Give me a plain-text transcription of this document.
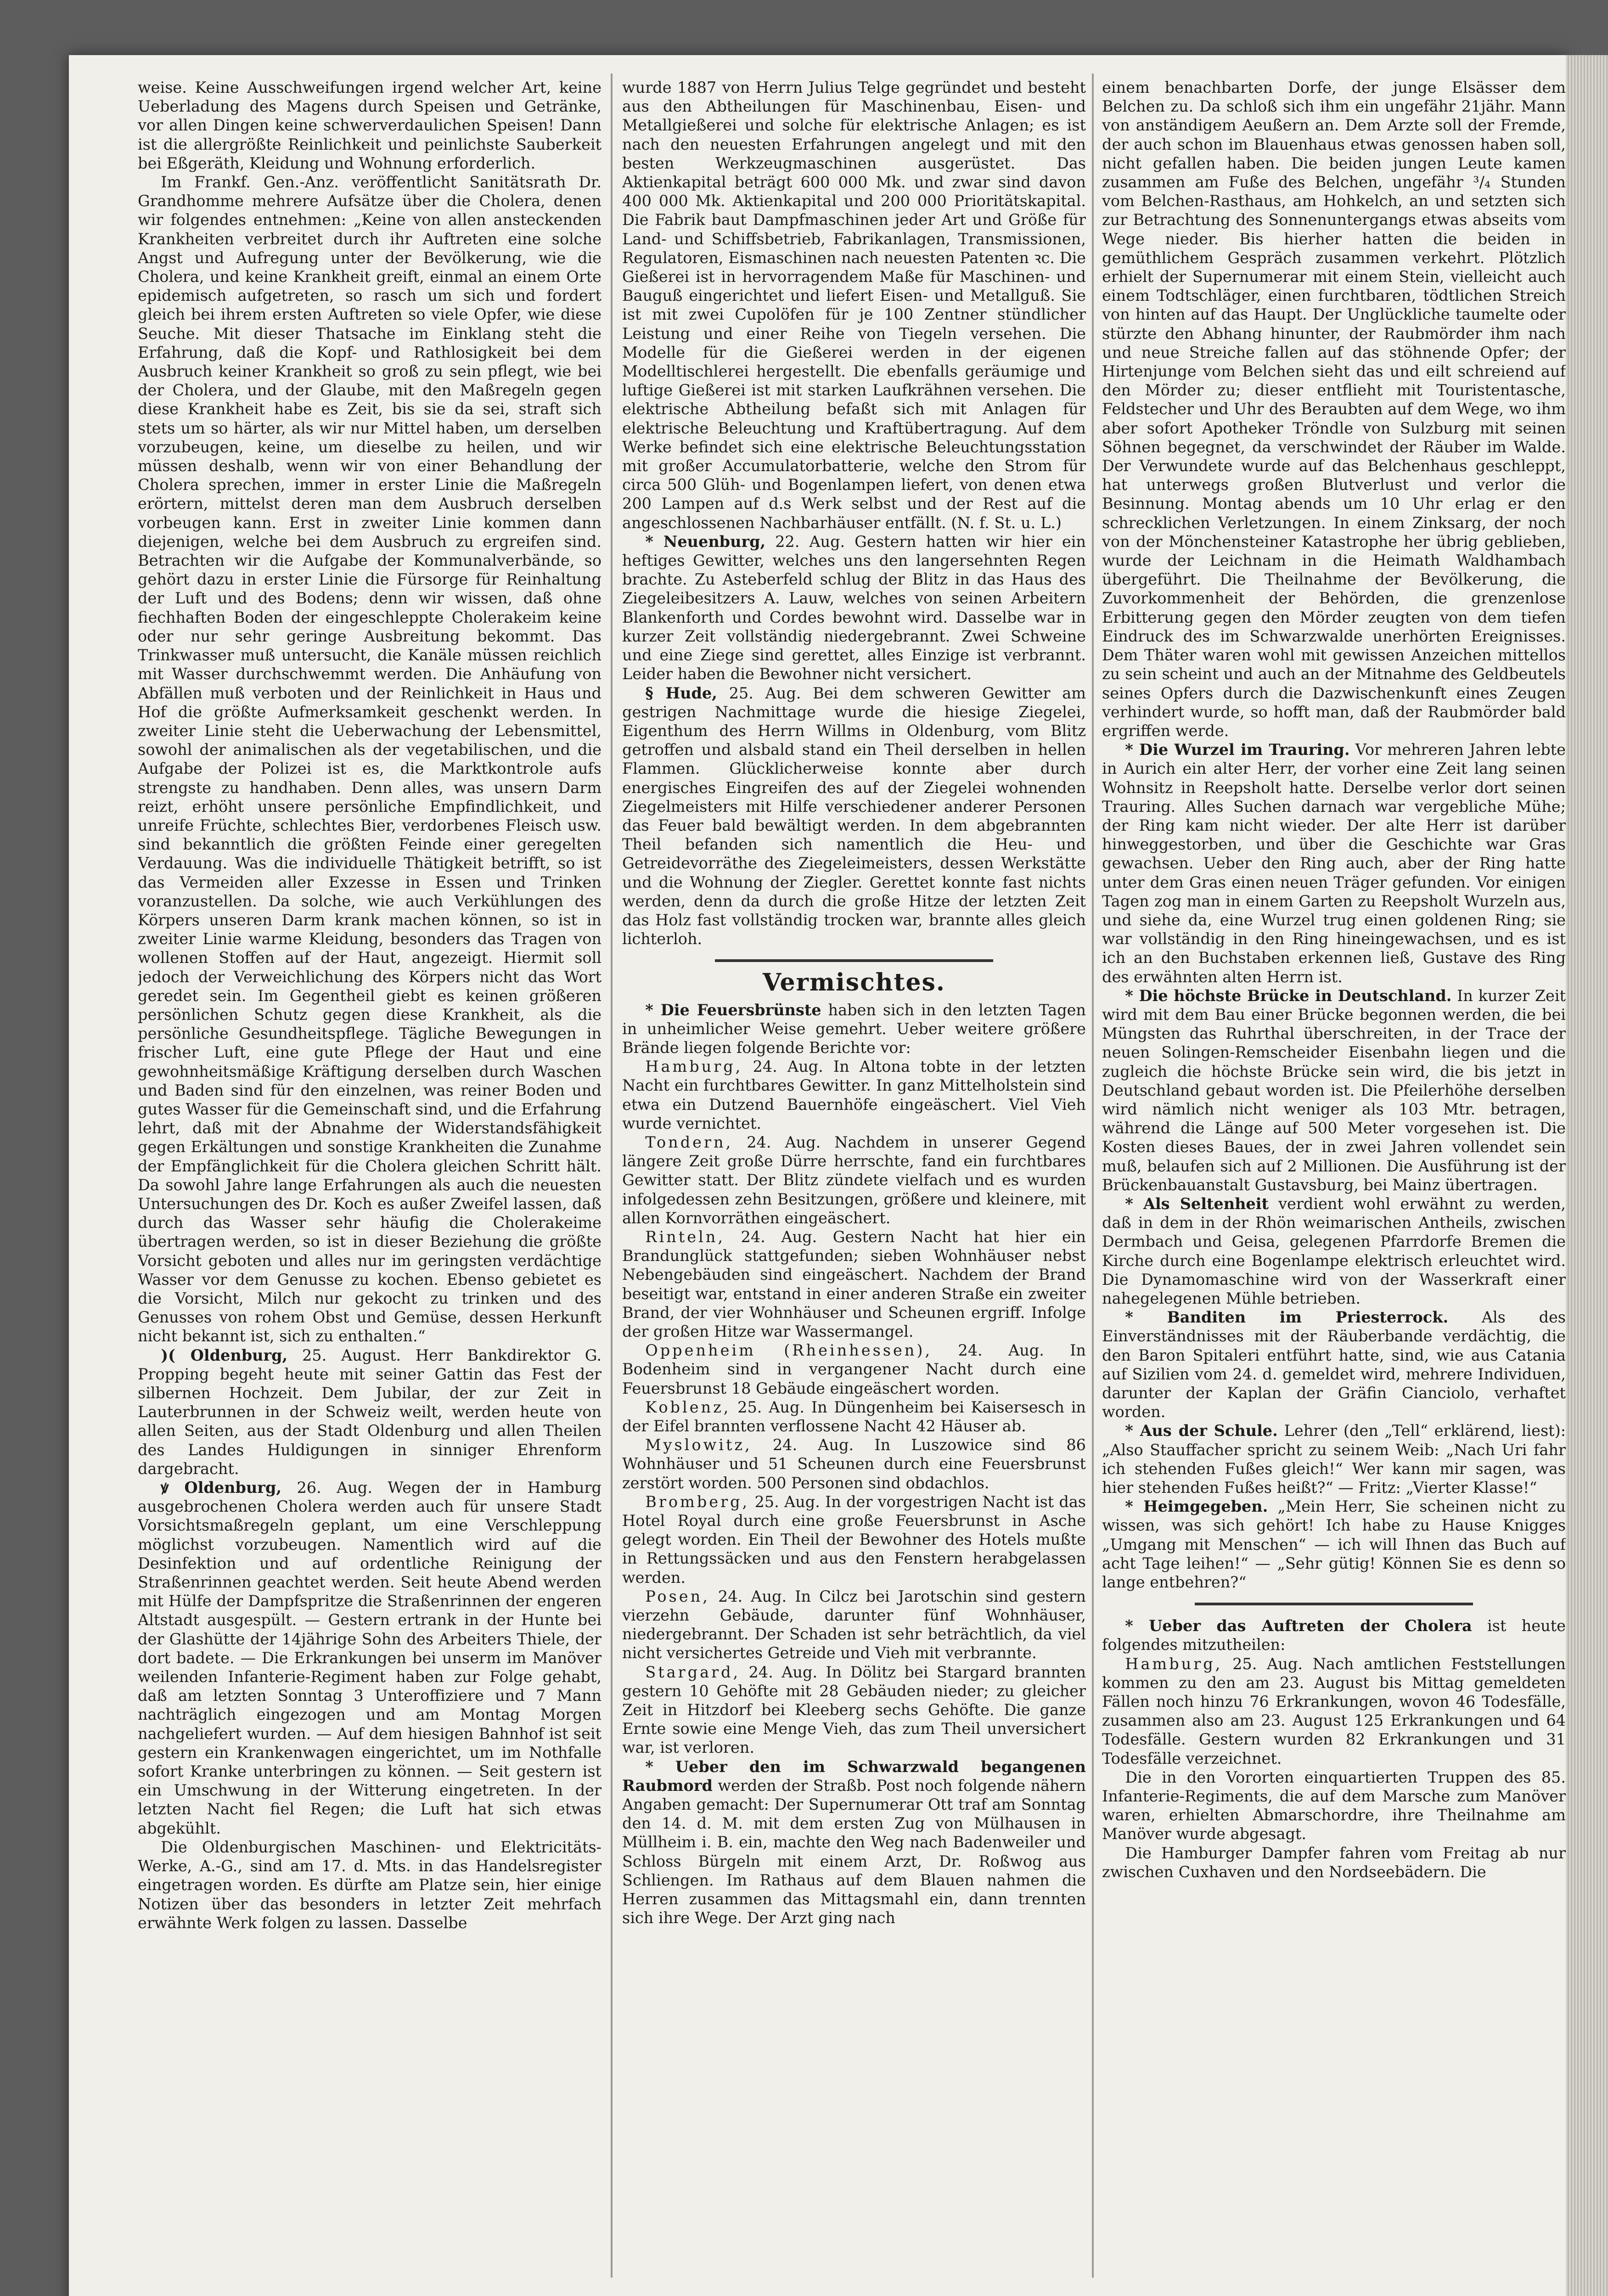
weise. Keine Ausschweifungen irgend welcher Art, keine Ueberladung des Magens durch Speisen und Getränke, vor allen Dingen keine schwerverdaulichen Speisen! Dann ist die allergrößte Reinlichkeit und peinlichste Sauberkeit bei Eßgeräth, Kleidung und Wohnung erforderlich.

Im Frankf. Gen.-Anz. veröffentlicht Sanitätsrath Dr. Grandhomme mehrere Aufsätze über die Cholera, denen wir folgendes entnehmen: „Keine von allen ansteckenden Krankheiten verbreitet durch ihr Auftreten eine solche Angst und Aufregung unter der Bevölkerung, wie die Cholera, und keine Krankheit greift, einmal an einem Orte epidemisch aufgetreten, so rasch um sich und fordert gleich bei ihrem ersten Auftreten so viele Opfer, wie diese Seuche. Mit dieser Thatsache im Einklang steht die Erfahrung, daß die Kopf- und Rathlosigkeit bei dem Ausbruch keiner Krankheit so groß zu sein pflegt, wie bei der Cholera, und der Glaube, mit den Maßregeln gegen diese Krankheit habe es Zeit, bis sie da sei, straft sich stets um so härter, als wir nur Mittel haben, um derselben vorzubeugen, keine, um dieselbe zu heilen, und wir müssen deshalb, wenn wir von einer Behandlung der Cholera sprechen, immer in erster Linie die Maßregeln erörtern, mittelst deren man dem Ausbruch derselben vorbeugen kann. Erst in zweiter Linie kommen dann diejenigen, welche bei dem Ausbruch zu ergreifen sind. Betrachten wir die Aufgabe der Kommunalverbände, so gehört dazu in erster Linie die Fürsorge für Reinhaltung der Luft und des Bodens; denn wir wissen, daß ohne fiechhaften Boden der eingeschleppte Cholerakeim keine oder nur sehr geringe Ausbreitung bekommt. Das Trinkwasser muß untersucht, die Kanäle müssen reichlich mit Wasser durchschwemmt werden. Die Anhäufung von Abfällen muß verboten und der Reinlichkeit in Haus und Hof die größte Aufmerksamkeit geschenkt werden. In zweiter Linie steht die Ueberwachung der Lebensmittel, sowohl der animalischen als der vegetabilischen, und die Aufgabe der Polizei ist es, die Marktkontrole aufs strengste zu handhaben. Denn alles, was unsern Darm reizt, erhöht unsere persönliche Empfindlichkeit, und unreife Früchte, schlechtes Bier, verdorbenes Fleisch usw. sind bekanntlich die größten Feinde einer geregelten Verdauung. Was die individuelle Thätigkeit betrifft, so ist das Vermeiden aller Exzesse in Essen und Trinken voranzustellen. Da solche, wie auch Verkühlungen des Körpers unseren Darm krank machen können, so ist in zweiter Linie warme Kleidung, besonders das Tragen von wollenen Stoffen auf der Haut, angezeigt. Hiermit soll jedoch der Verweichlichung des Körpers nicht das Wort geredet sein. Im Gegentheil giebt es keinen größeren persönlichen Schutz gegen diese Krankheit, als die persönliche Gesundheitspflege. Tägliche Bewegungen in frischer Luft, eine gute Pflege der Haut und eine gewohnheitsmäßige Kräftigung derselben durch Waschen und Baden sind für den einzelnen, was reiner Boden und gutes Wasser für die Gemeinschaft sind, und die Erfahrung lehrt, daß mit der Abnahme der Widerstandsfähigkeit gegen Erkältungen und sonstige Krankheiten die Zunahme der Empfänglichkeit für die Cholera gleichen Schritt hält. Da sowohl Jahre lange Erfahrungen als auch die neuesten Untersuchungen des Dr. Koch es außer Zweifel lassen, daß durch das Wasser sehr häufig die Cholerakeime übertragen werden, so ist in dieser Beziehung die größte Vorsicht geboten und alles nur im geringsten verdächtige Wasser vor dem Genusse zu kochen. Ebenso gebietet es die Vorsicht, Milch nur gekocht zu trinken und des Genusses von rohem Obst und Gemüse, dessen Herkunft nicht bekannt ist, sich zu enthalten.“

)( Oldenburg, 25. August. Herr Bankdirektor G. Propping begeht heute mit seiner Gattin das Fest der silbernen Hochzeit. Dem Jubilar, der zur Zeit in Lauterbrunnen in der Schweiz weilt, werden heute von allen Seiten, aus der Stadt Oldenburg und allen Theilen des Landes Huldigungen in sinniger Ehrenform dargebracht.

ꝟ Oldenburg, 26. Aug. Wegen der in Hamburg ausgebrochenen Cholera werden auch für unsere Stadt Vorsichtsmaßregeln geplant, um eine Verschleppung möglichst vorzubeugen. Namentlich wird auf die Desinfektion und auf ordentliche Reinigung der Straßenrinnen geachtet werden. Seit heute Abend werden mit Hülfe der Dampfspritze die Straßenrinnen der engeren Altstadt ausgespült. — Gestern ertrank in der Hunte bei der Glashütte der 14jährige Sohn des Arbeiters Thiele, der dort badete. — Die Erkrankungen bei unserm im Manöver weilenden Infanterie-Regiment haben zur Folge gehabt, daß am letzten Sonntag 3 Unteroffiziere und 7 Mann nachträglich eingezogen und am Montag Morgen nachgeliefert wurden. — Auf dem hiesigen Bahnhof ist seit gestern ein Krankenwagen eingerichtet, um im Nothfalle sofort Kranke unterbringen zu können. — Seit gestern ist ein Umschwung in der Witterung eingetreten. In der letzten Nacht fiel Regen; die Luft hat sich etwas abgekühlt.

Die Oldenburgischen Maschinen- und Elektricitäts-Werke, A.-G., sind am 17. d. Mts. in das Handelsregister eingetragen worden. Es dürfte am Platze sein, hier einige Notizen über das besonders in letzter Zeit mehrfach erwähnte Werk folgen zu lassen. Dasselbe

wurde 1887 von Herrn Julius Telge gegründet und besteht aus den Abtheilungen für Maschinenbau, Eisen- und Metallgießerei und solche für elektrische Anlagen; es ist nach den neuesten Erfahrungen angelegt und mit den besten Werkzeugmaschinen ausgerüstet. Das Aktienkapital beträgt 600 000 Mk. und zwar sind davon 400 000 Mk. Aktienkapital und 200 000 Prioritätskapital. Die Fabrik baut Dampfmaschinen jeder Art und Größe für Land- und Schiffsbetrieb, Fabrikanlagen, Transmissionen, Regulatoren, Eismaschinen nach neuesten Patenten ꝛc. Die Gießerei ist in hervorragendem Maße für Maschinen- und Bauguß eingerichtet und liefert Eisen- und Metallguß. Sie ist mit zwei Cupolöfen für je 100 Zentner stündlicher Leistung und einer Reihe von Tiegeln versehen. Die Modelle für die Gießerei werden in der eigenen Modelltischlerei hergestellt. Die ebenfalls geräumige und luftige Gießerei ist mit starken Laufkrähnen versehen. Die elektrische Abtheilung befaßt sich mit Anlagen für elektrische Beleuchtung und Kraftübertragung. Auf dem Werke befindet sich eine elektrische Beleuchtungsstation mit großer Accumulatorbatterie, welche den Strom für circa 500 Glüh- und Bogenlampen liefert, von denen etwa 200 Lampen auf d.s Werk selbst und der Rest auf die angeschlossenen Nachbarhäuser entfällt. (N. f. St. u. L.)

* Neuenburg, 22. Aug. Gestern hatten wir hier ein heftiges Gewitter, welches uns den langersehnten Regen brachte. Zu Asteberfeld schlug der Blitz in das Haus des Ziegeleibesitzers A. Lauw, welches von seinen Arbeitern Blankenforth und Cordes bewohnt wird. Dasselbe war in kurzer Zeit vollständig niedergebrannt. Zwei Schweine und eine Ziege sind gerettet, alles Einzige ist verbrannt. Leider haben die Bewohner nicht versichert.

§ Hude, 25. Aug. Bei dem schweren Gewitter am gestrigen Nachmittage wurde die hiesige Ziegelei, Eigenthum des Herrn Willms in Oldenburg, vom Blitz getroffen und alsbald stand ein Theil derselben in hellen Flammen. Glücklicherweise konnte aber durch energisches Eingreifen des auf der Ziegelei wohnenden Ziegelmeisters mit Hilfe verschiedener anderer Personen das Feuer bald bewältigt werden. In dem abgebrannten Theil befanden sich namentlich die Heu- und Getreidevorräthe des Ziegeleimeisters, dessen Werkstätte und die Wohnung der Ziegler. Gerettet konnte fast nichts werden, denn da durch die große Hitze der letzten Zeit das Holz fast vollständig trocken war, brannte alles gleich lichterloh.

Vermischtes.

* Die Feuersbrünste haben sich in den letzten Tagen in unheimlicher Weise gemehrt. Ueber weitere größere Brände liegen folgende Berichte vor:

Hamburg, 24. Aug. In Altona tobte in der letzten Nacht ein furchtbares Gewitter. In ganz Mittelholstein sind etwa ein Dutzend Bauernhöfe eingeäschert. Viel Vieh wurde vernichtet.

Tondern, 24. Aug. Nachdem in unserer Gegend längere Zeit große Dürre herrschte, fand ein furchtbares Gewitter statt. Der Blitz zündete vielfach und es wurden infolgedessen zehn Besitzungen, größere und kleinere, mit allen Kornvorräthen eingeäschert.

Rinteln, 24. Aug. Gestern Nacht hat hier ein Brandunglück stattgefunden; sieben Wohnhäuser nebst Nebengebäuden sind eingeäschert. Nachdem der Brand beseitigt war, entstand in einer anderen Straße ein zweiter Brand, der vier Wohnhäuser und Scheunen ergriff. Infolge der großen Hitze war Wassermangel.

Oppenheim (Rheinhessen), 24. Aug. In Bodenheim sind in vergangener Nacht durch eine Feuersbrunst 18 Gebäude eingeäschert worden.

Koblenz, 25. Aug. In Düngenheim bei Kaisersesch in der Eifel brannten verflossene Nacht 42 Häuser ab.

Myslowitz, 24. Aug. In Luszowice sind 86 Wohnhäuser und 51 Scheunen durch eine Feuersbrunst zerstört worden. 500 Personen sind obdachlos.

Bromberg, 25. Aug. In der vorgestrigen Nacht ist das Hotel Royal durch eine große Feuersbrunst in Asche gelegt worden. Ein Theil der Bewohner des Hotels mußte in Rettungssäcken und aus den Fenstern herabgelassen werden.

Posen, 24. Aug. In Cilcz bei Jarotschin sind gestern vierzehn Gebäude, darunter fünf Wohnhäuser, niedergebrannt. Der Schaden ist sehr beträchtlich, da viel nicht versichertes Getreide und Vieh mit verbrannte.

Stargard, 24. Aug. In Dölitz bei Stargard brannten gestern 10 Gehöfte mit 28 Gebäuden nieder; zu gleicher Zeit in Hitzdorf bei Kleeberg sechs Gehöfte. Die ganze Ernte sowie eine Menge Vieh, das zum Theil unversichert war, ist verloren.

* Ueber den im Schwarzwald begangenen Raubmord werden der Straßb. Post noch folgende nähern Angaben gemacht: Der Supernumerar Ott traf am Sonntag den 14. d. M. mit dem ersten Zug von Mülhausen in Müllheim i. B. ein, machte den Weg nach Badenweiler und Schloss Bürgeln mit einem Arzt, Dr. Roßwog aus Schliengen. Im Rathaus auf dem Blauen nahmen die Herren zusammen das Mittagsmahl ein, dann trennten sich ihre Wege. Der Arzt ging nach

einem benachbarten Dorfe, der junge Elsässer dem Belchen zu. Da schloß sich ihm ein ungefähr 21jähr. Mann von anständigem Aeußern an. Dem Arzte soll der Fremde, der auch schon im Blauenhaus etwas genossen haben soll, nicht gefallen haben. Die beiden jungen Leute kamen zusammen am Fuße des Belchen, ungefähr ³/₄ Stunden vom Belchen-Rasthaus, am Hohkelch, an und setzten sich zur Betrachtung des Sonnenuntergangs etwas abseits vom Wege nieder. Bis hierher hatten die beiden in gemüthlichem Gespräch zusammen verkehrt. Plötzlich erhielt der Supernumerar mit einem Stein, vielleicht auch einem Todtschläger, einen furchtbaren, tödtlichen Streich von hinten auf das Haupt. Der Unglückliche taumelte oder stürzte den Abhang hinunter, der Raubmörder ihm nach und neue Streiche fallen auf das stöhnende Opfer; der Hirtenjunge vom Belchen sieht das und eilt schreiend auf den Mörder zu; dieser entflieht mit Touristentasche, Feldstecher und Uhr des Beraubten auf dem Wege, wo ihm aber sofort Apotheker Tröndle von Sulzburg mit seinen Söhnen begegnet, da verschwindet der Räuber im Walde. Der Verwundete wurde auf das Belchenhaus geschleppt, hat unterwegs großen Blutverlust und verlor die Besinnung. Montag abends um 10 Uhr erlag er den schrecklichen Verletzungen. In einem Zinksarg, der noch von der Mönchensteiner Katastrophe her übrig geblieben, wurde der Leichnam in die Heimath Waldhambach übergeführt. Die Theilnahme der Bevölkerung, die Zuvorkommenheit der Behörden, die grenzenlose Erbitterung gegen den Mörder zeugten von dem tiefen Eindruck des im Schwarzwalde unerhörten Ereignisses. Dem Thäter waren wohl mit gewissen Anzeichen mittellos zu sein scheint und auch an der Mitnahme des Geldbeutels seines Opfers durch die Dazwischenkunft eines Zeugen verhindert wurde, so hofft man, daß der Raubmörder bald ergriffen werde.

* Die Wurzel im Trauring. Vor mehreren Jahren lebte in Aurich ein alter Herr, der vorher eine Zeit lang seinen Wohnsitz in Reepsholt hatte. Derselbe verlor dort seinen Trauring. Alles Suchen darnach war vergebliche Mühe; der Ring kam nicht wieder. Der alte Herr ist darüber hinweggestorben, und über die Geschichte war Gras gewachsen. Ueber den Ring auch, aber der Ring hatte unter dem Gras einen neuen Träger gefunden. Vor einigen Tagen zog man in einem Garten zu Reepsholt Wurzeln aus, und siehe da, eine Wurzel trug einen goldenen Ring; sie war vollständig in den Ring hineingewachsen, und es ist ich an den Buchstaben erkennen ließ, Gustave des Ring des erwähnten alten Herrn ist.

* Die höchste Brücke in Deutschland. In kurzer Zeit wird mit dem Bau einer Brücke begonnen werden, die bei Müngsten das Ruhrthal überschreiten, in der Trace der neuen Solingen-Remscheider Eisenbahn liegen und die zugleich die höchste Brücke sein wird, die bis jetzt in Deutschland gebaut worden ist. Die Pfeilerhöhe derselben wird nämlich nicht weniger als 103 Mtr. betragen, während die Länge auf 500 Meter vorgesehen ist. Die Kosten dieses Baues, der in zwei Jahren vollendet sein muß, belaufen sich auf 2 Millionen. Die Ausführung ist der Brückenbauanstalt Gustavsburg, bei Mainz übertragen.

* Als Seltenheit verdient wohl erwähnt zu werden, daß in dem in der Rhön weimarischen Antheils, zwischen Dermbach und Geisa, gelegenen Pfarrdorfe Bremen die Kirche durch eine Bogenlampe elektrisch erleuchtet wird. Die Dynamomaschine wird von der Wasserkraft einer nahegelegenen Mühle betrieben.

* Banditen im Priesterrock. Als des Einverständnisses mit der Räuberbande verdächtig, die den Baron Spitaleri entführt hatte, sind, wie aus Catania auf Sizilien vom 24. d. gemeldet wird, mehrere Individuen, darunter der Kaplan der Gräfin Cianciolo, verhaftet worden.

* Aus der Schule. Lehrer (den „Tell“ erklärend, liest): „Also Stauffacher spricht zu seinem Weib: „Nach Uri fahr ich stehenden Fußes gleich!“ Wer kann mir sagen, was hier stehenden Fußes heißt?“ — Fritz: „Vierter Klasse!“

* Heimgegeben. „Mein Herr, Sie scheinen nicht zu wissen, was sich gehört! Ich habe zu Hause Knigges „Umgang mit Menschen“ — ich will Ihnen das Buch auf acht Tage leihen!“ — „Sehr gütig! Können Sie es denn so lange entbehren?“

* Ueber das Auftreten der Cholera ist heute folgendes mitzutheilen:

Hamburg, 25. Aug. Nach amtlichen Feststellungen kommen zu den am 23. August bis Mittag gemeldeten Fällen noch hinzu 76 Erkrankungen, wovon 46 Todesfälle, zusammen also am 23. August 125 Erkrankungen und 64 Todesfälle. Gestern wurden 82 Erkrankungen und 31 Todesfälle verzeichnet.

Die in den Vororten einquartierten Truppen des 85. Infanterie-Regiments, die auf dem Marsche zum Manöver waren, erhielten Abmarschordre, ihre Theilnahme am Manöver wurde abgesagt.

Die Hamburger Dampfer fahren vom Freitag ab nur zwischen Cuxhaven und den Nordseebädern. Die
